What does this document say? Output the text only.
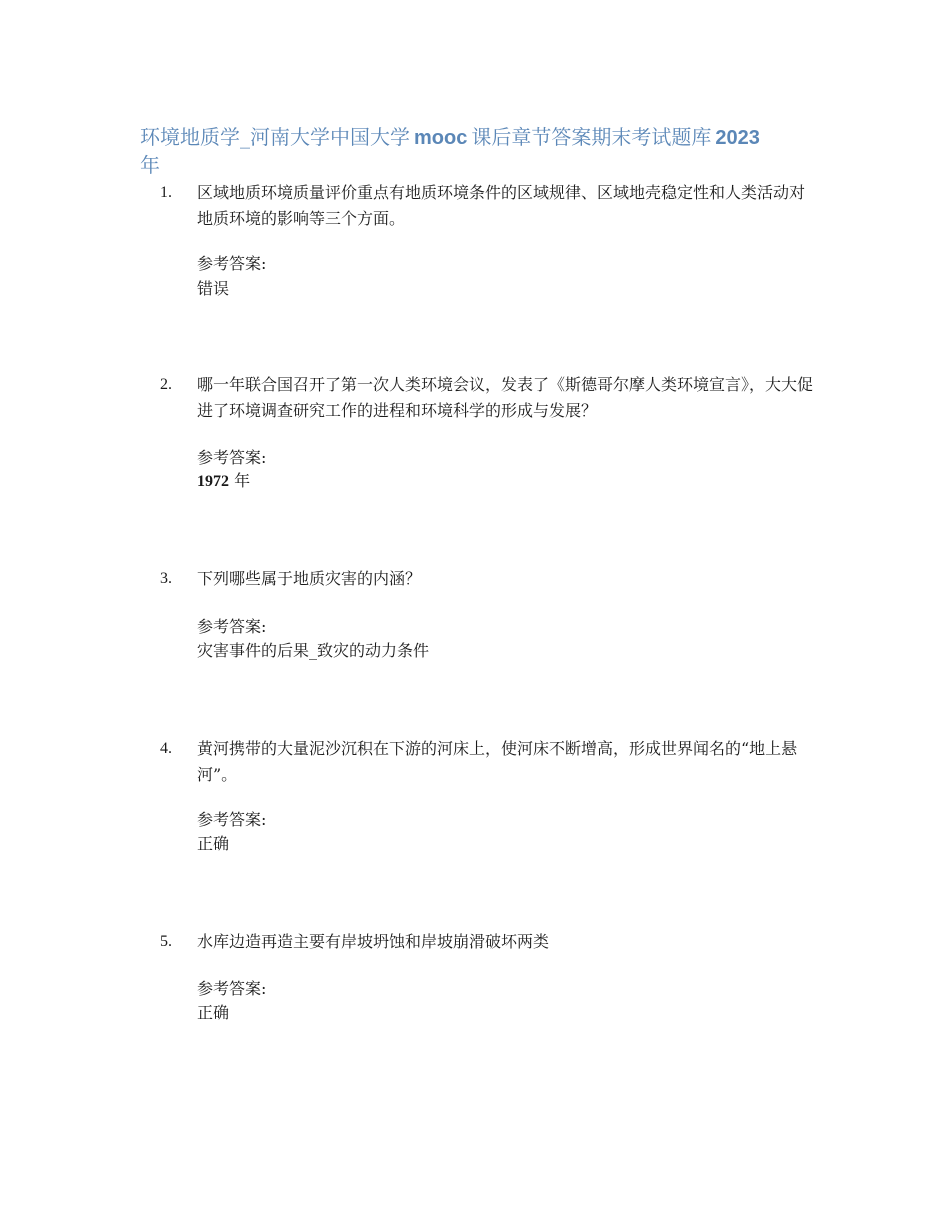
环境地质学_河南大学中国大学 mooc 课后章节答案期末考试题库 2023
年
1. 区域地质环境质量评价重点有地质环境条件的区域规律、区域地壳稳定性和人类活动对地质环境的影响等三个方面。

参考答案:
错误
2. 哪一年联合国召开了第一次人类环境会议，发表了《斯德哥尔摩人类环境宣言》，大大促进了环境调查研究工作的进程和环境科学的形成与发展？

参考答案:
1972 年
3. 下列哪些属于地质灾害的内涵？

参考答案:
灾害事件的后果_致灾的动力条件
4. 黄河携带的大量泥沙沉积在下游的河床上，使河床不断增高，形成世界闻名的“地上悬河”。

参考答案:
正确
5. 水库边造再造主要有岸坡坍蚀和岸坡崩滑破坏两类

参考答案:
正确
